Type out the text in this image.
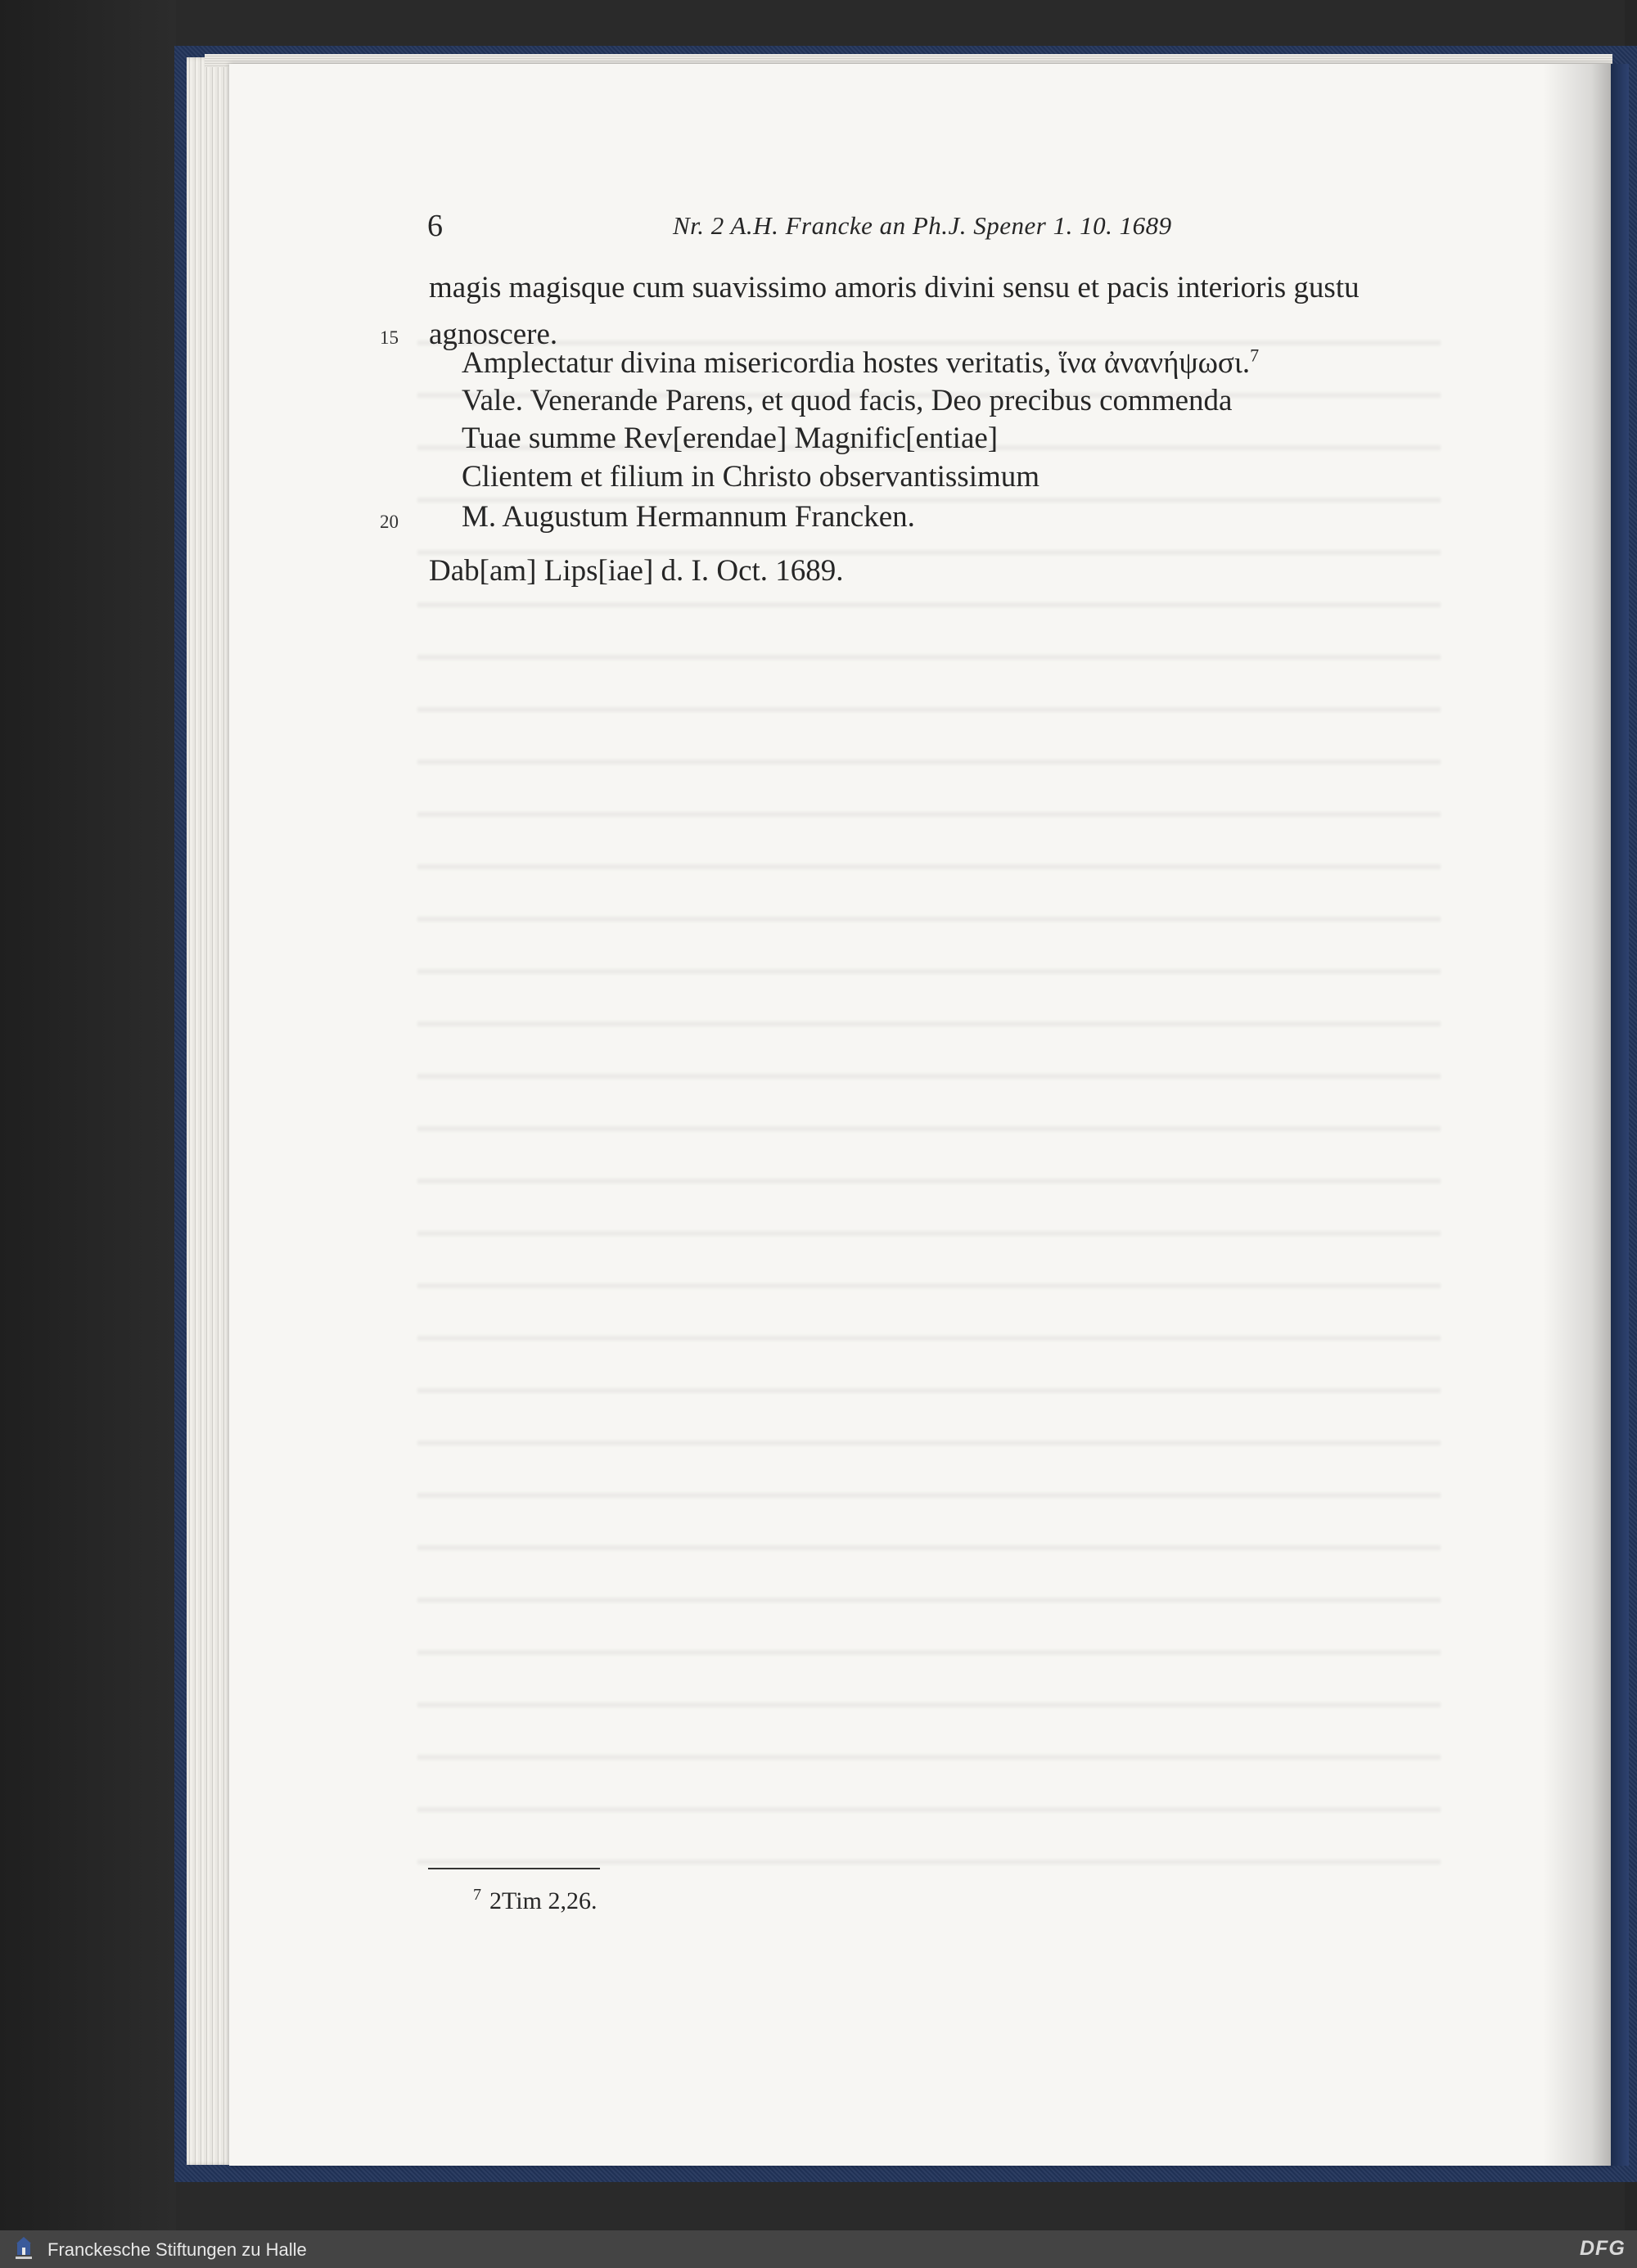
6	Nr. 2 A.H. Francke an Ph.J. Spener 1. 10. 1689
magis magisque cum suavissimo amoris divini sensu et pacis interioris gustu
15 agnoscere.
Amplectatur divina misericordia hostes veritatis, ἵνα ἀνανήψωσι.$^7$
Vale. Venerande Parens, et quod facis, Deo precibus commenda
Tuae summe Rev[erendae] Magnific[entiae]
Clientem et filium in Christo observantissimum
20 M. Augustum Hermannum Francken.
Dab[am] Lips[iae] d. I. Oct. 1689.
$^7$ 2Tim 2,26.
Franckesche Stiftungen zu Halle	DFG
